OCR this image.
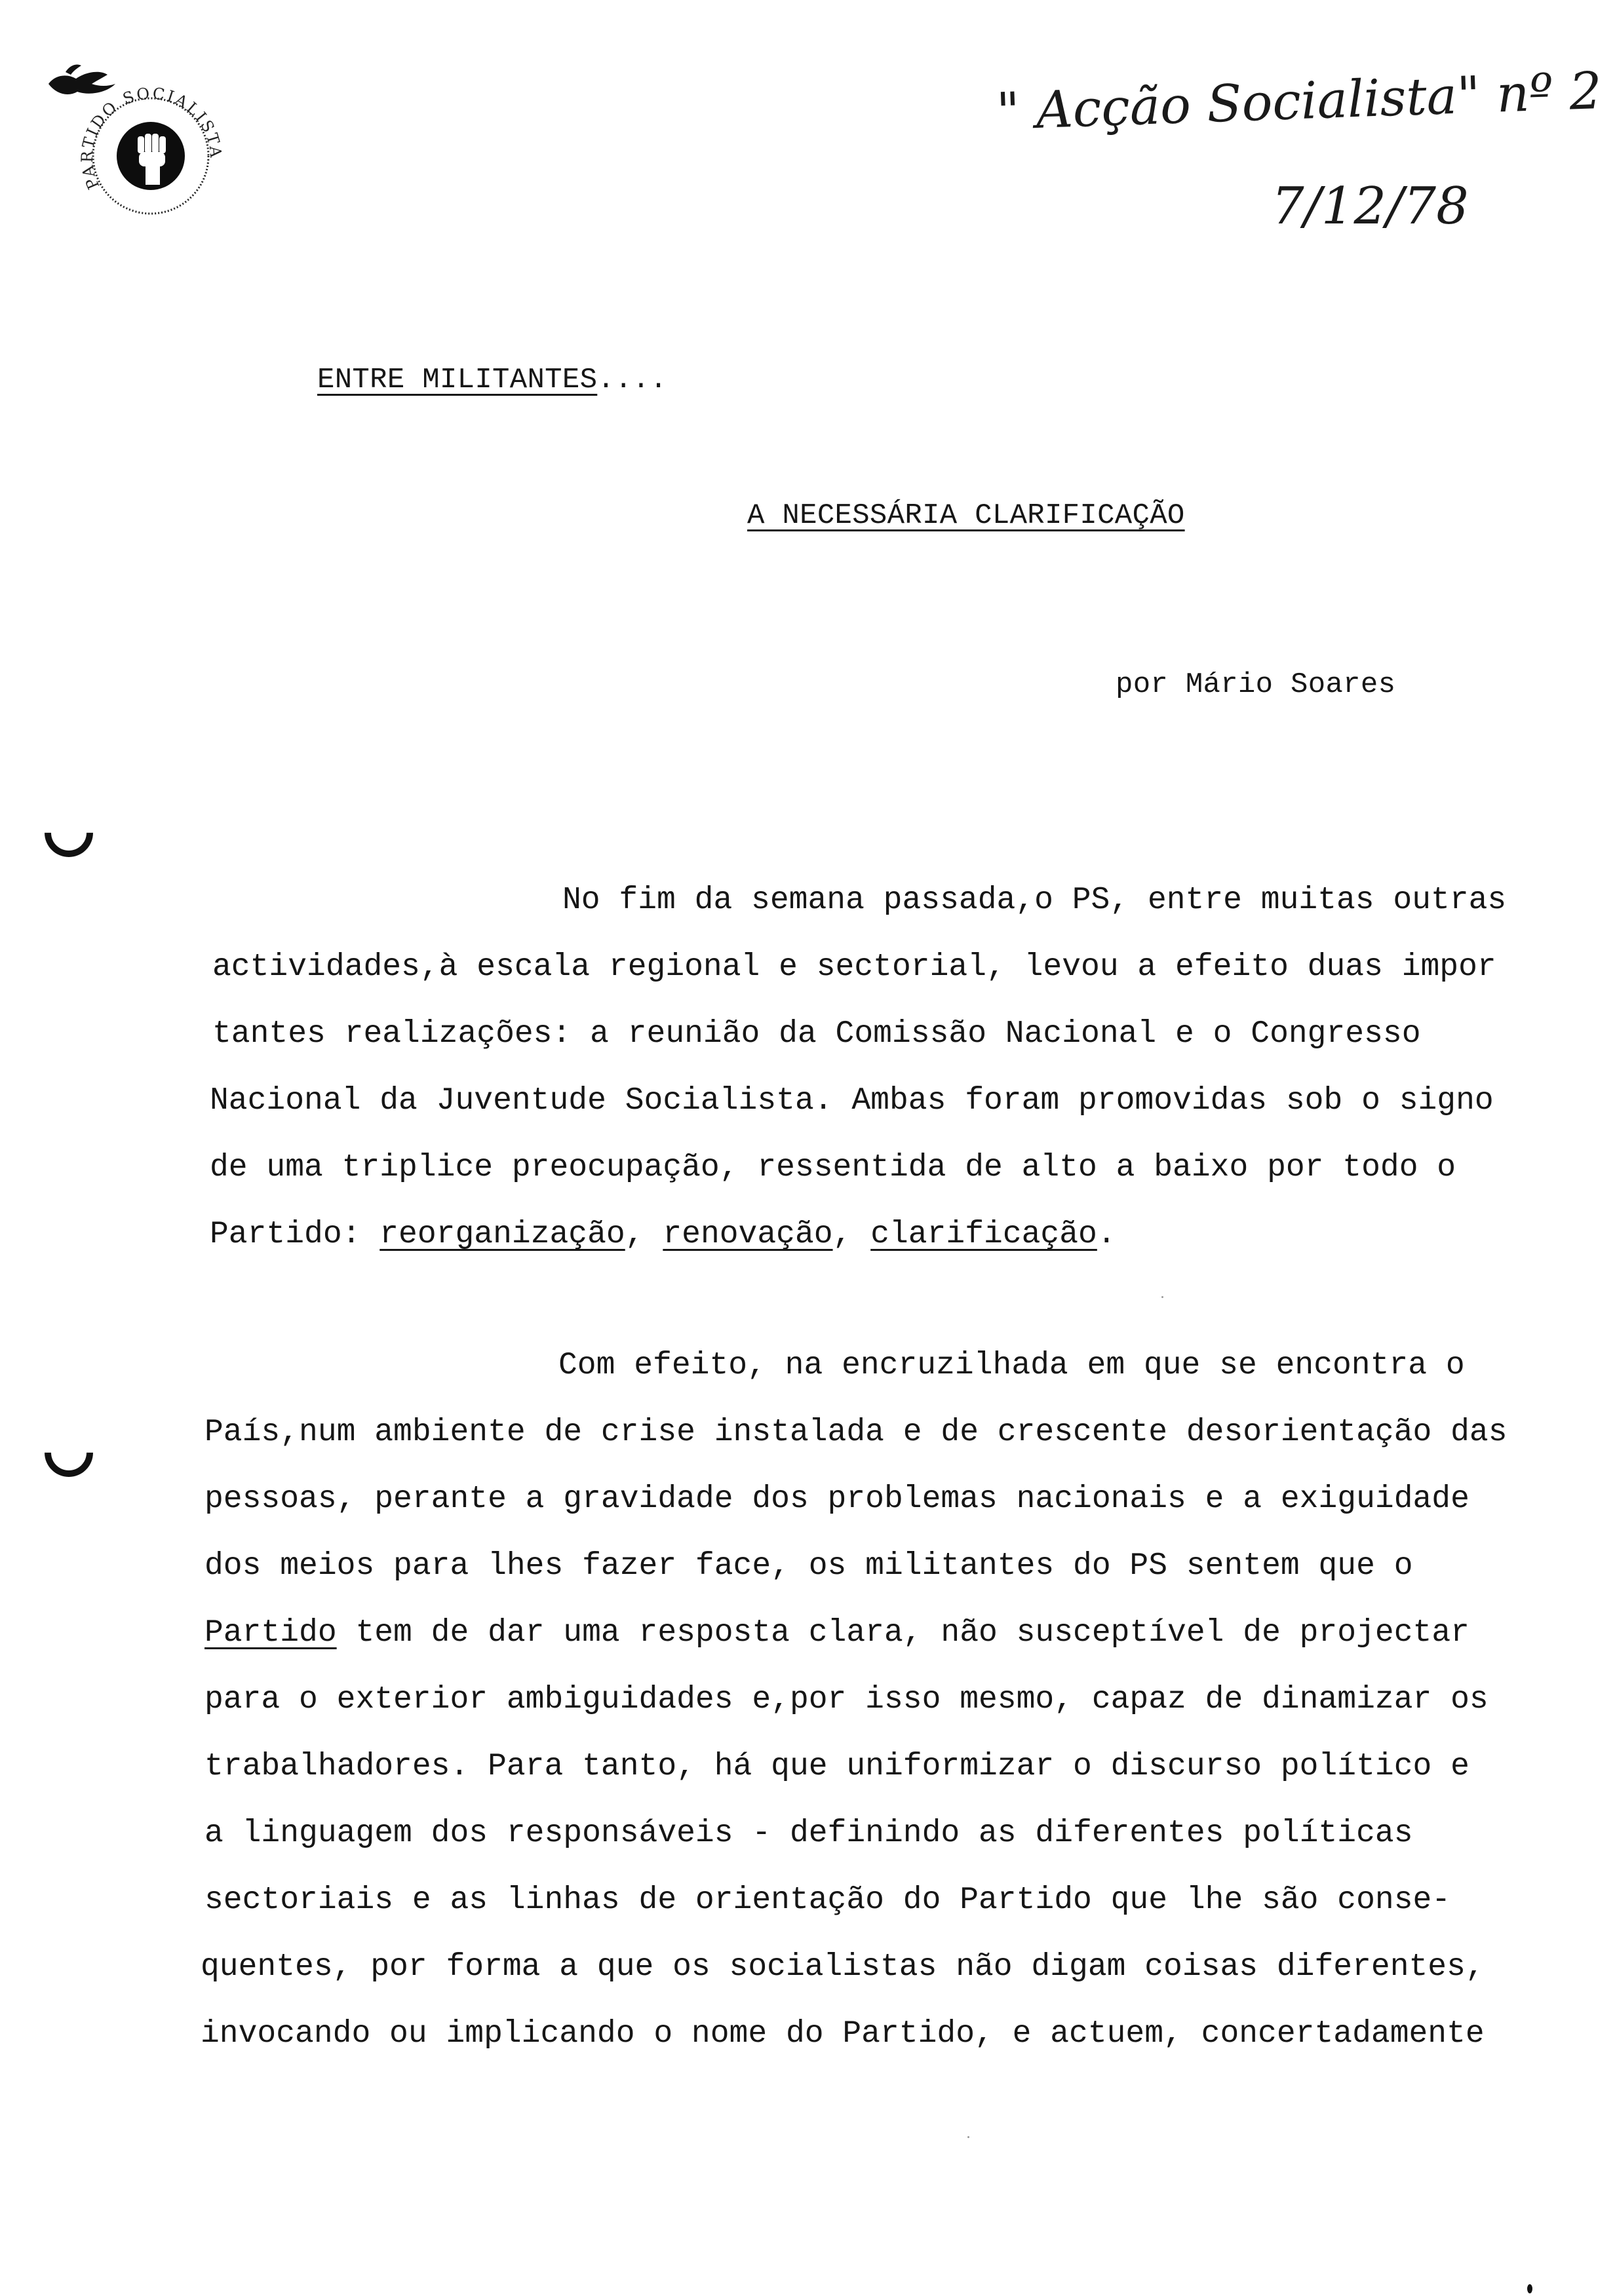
PARTIDO SOCIALISTA
" Acção Socialista" nº 2
7/12/78
ENTRE MILITANTES....
A NECESSÁRIA CLARIFICAÇÃO
por Mário Soares
No fim da semana passada,o PS, entre muitas outras
actividades,à escala regional e sectorial, levou a efeito duas impor
tantes realizações: a reunião da Comissão Nacional e o Congresso
Nacional da Juventude Socialista. Ambas foram promovidas sob o signo
de uma triplice preocupação, ressentida de alto a baixo por todo o
Partido: reorganização, renovação, clarificação.
Com efeito, na encruzilhada em que se encontra o
País,num ambiente de crise instalada e de crescente desorientação das
pessoas, perante a gravidade dos problemas nacionais e a exiguidade
dos meios para lhes fazer face, os militantes do PS sentem que o
Partido tem de dar uma resposta clara, não susceptível de projectar
para o exterior ambiguidades e,por isso mesmo, capaz de dinamizar os
trabalhadores. Para tanto, há que uniformizar o discurso político e
a linguagem dos responsáveis - definindo as diferentes políticas
sectoriais e as linhas de orientação do Partido que lhe são conse-
quentes, por forma a que os socialistas não digam coisas diferentes,
invocando ou implicando o nome do Partido, e actuem, concertadamente
